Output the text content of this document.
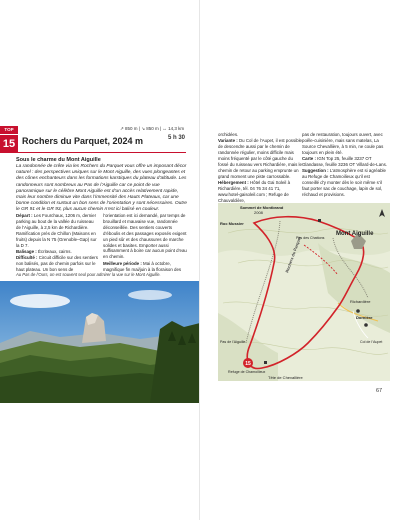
TOP
15
↗ 850 m | ↘ 850 m | ↔ 14,3 km
5 h 30
Rochers du Parquet, 2024 m
Sous le charme du Mont Aiguille
La randonnée de crête via les Rochers du Parquet vous offre un imposant décor naturel : des perspectives uniques sur le Mont Aiguille, des vues plongeantes et des cônes enchanteurs dans les formations karstiques du plateau d’altitude. Les randonneurs sont nombreux au Pas de l’Aiguille car ce point de vue panoramique sur le célèbre Mont Aiguille est d’un accès relativement rapide, mais leur nombre diminue vite dans l’immensité des Hauts Plateaux, car une bonne condition et surtout un bon sens de l’orientation y sont nécessaires. Outre le GR 91 et le GR 93, plus aucun chemin n’est ici balisé en couleur.

Départ : Les Fourchaux, 1206 m, dernier parking au bout de la vallée du ruisseau de l’Aiguille, à 2,5 km de Richardière. Ramification près de Chillon (Maisons en fruits) depuis la N 75 (Grenoble–Gap) sur la D 7.

Balisage : Écriteaux, cairns.

Difficulté : Circuit difficile sur des sentiers non balisés, pas de chemin parfois sur le haut plateau. Un bon sens de

l’orientation est ici demandé, par temps de brouillard et mauvaise vue, randonnée déconseillée. Des sentiers couverts d’éboulis et des passages exposés exigent un pied sûr et des chaussures de marche solides et basites. Emporter aussi suffisamment à boire car aucun point d’eau en chemin.

Meilleure période : Mai à octobre, magnifique fin mai/juin à la floraison des

Au Pas de l’Ours, on est souvent seul pour admirer la vue sur le Mont Aiguille.

orchidées.

Variante : Du Col de l’Aupet, il est possible de descendre aussi par le chemin de randonnée régulier, moins difficile mais moins fréquenté par le côté gauche du fossé du ruisseau vers Richardière, mais le chemin de retour au parking emprunte un grand moment une piste carrossable.

Hébergement : Hôtel du Gai Soleil à Richardière, tél. 04 76 34 41 71, www.hotel-gaisoleil.com ; Refuge de Chauvaldière,

pas de restauration, toujours ouvert, avec poêle-cuisinière, mais sans matelas, La Source Chevallière, à 5 min, ne coule pas toujours en plein été.

Carte : IGN Top 25, feuille 3237 OT Glandasse, feuille 3236 OT Villard-de-Lans.

Suggestion : L’atmosphère est si agréable au Refuge de Chamoilieux qu’il est conseillé d’y monter dès le soir même s’il faut porter sac de couchage, lapin de sol, réchaud et provisions.

15
Sommet de Montbrand
2008
Roc Mussier
Mont Aiguille
Rochers du Parquet
Pas des Chattons
Richardière
Dornière
Pas de l’Aiguille
Refuge de Chamoilieux
Tête de Chevallière
Col de l’Aupet
67
